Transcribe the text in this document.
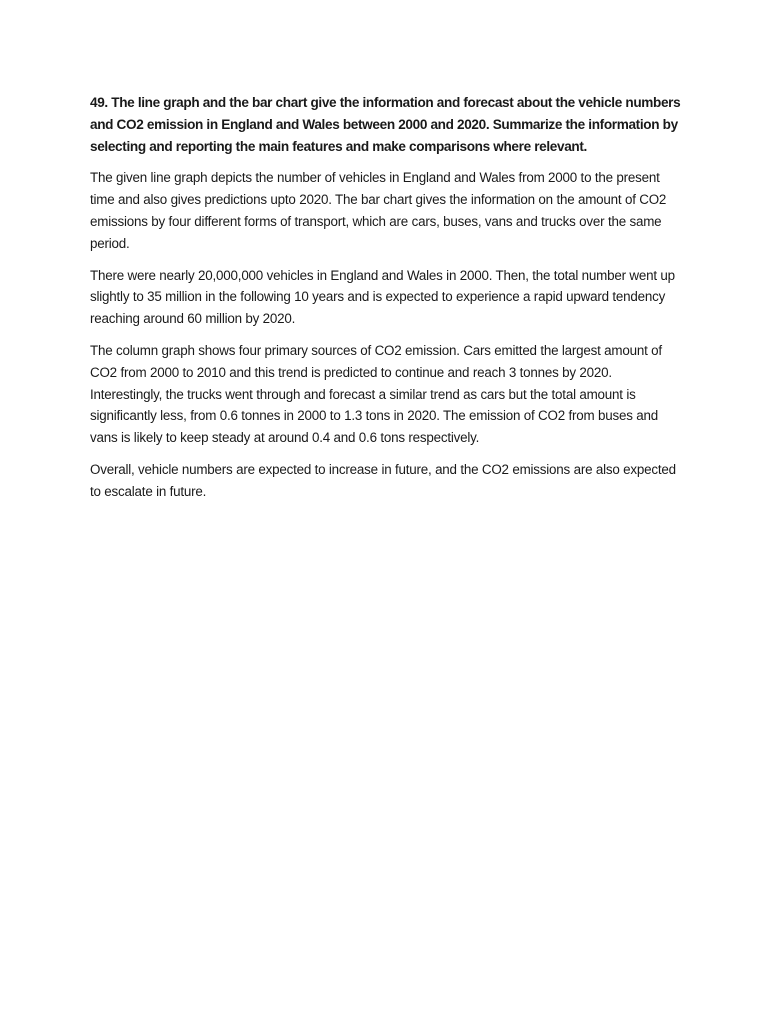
49. The line graph and the bar chart give the information and forecast about the vehicle numbers and CO2 emission in England and Wales between 2000 and 2020. Summarize the information by selecting and reporting the main features and make comparisons where relevant.

The given line graph depicts the number of vehicles in England and Wales from 2000 to the present time and also gives predictions upto 2020. The bar chart gives the information on the amount of CO2 emissions by four different forms of transport, which are cars, buses, vans and trucks over the same period.

There were nearly 20,000,000 vehicles in England and Wales in 2000. Then, the total number went up slightly to 35 million in the following 10 years and is expected to experience a rapid upward tendency reaching around 60 million by 2020.

The column graph shows four primary sources of CO2 emission. Cars emitted the largest amount of CO2 from 2000 to 2010 and this trend is predicted to continue and reach 3 tonnes by 2020. Interestingly, the trucks went through and forecast a similar trend as cars but the total amount is significantly less, from 0.6 tonnes in 2000 to 1.3 tons in 2020. The emission of CO2 from buses and vans is likely to keep steady at around 0.4 and 0.6 tons respectively.

Overall, vehicle numbers are expected to increase in future, and the CO2 emissions are also expected to escalate in future.
